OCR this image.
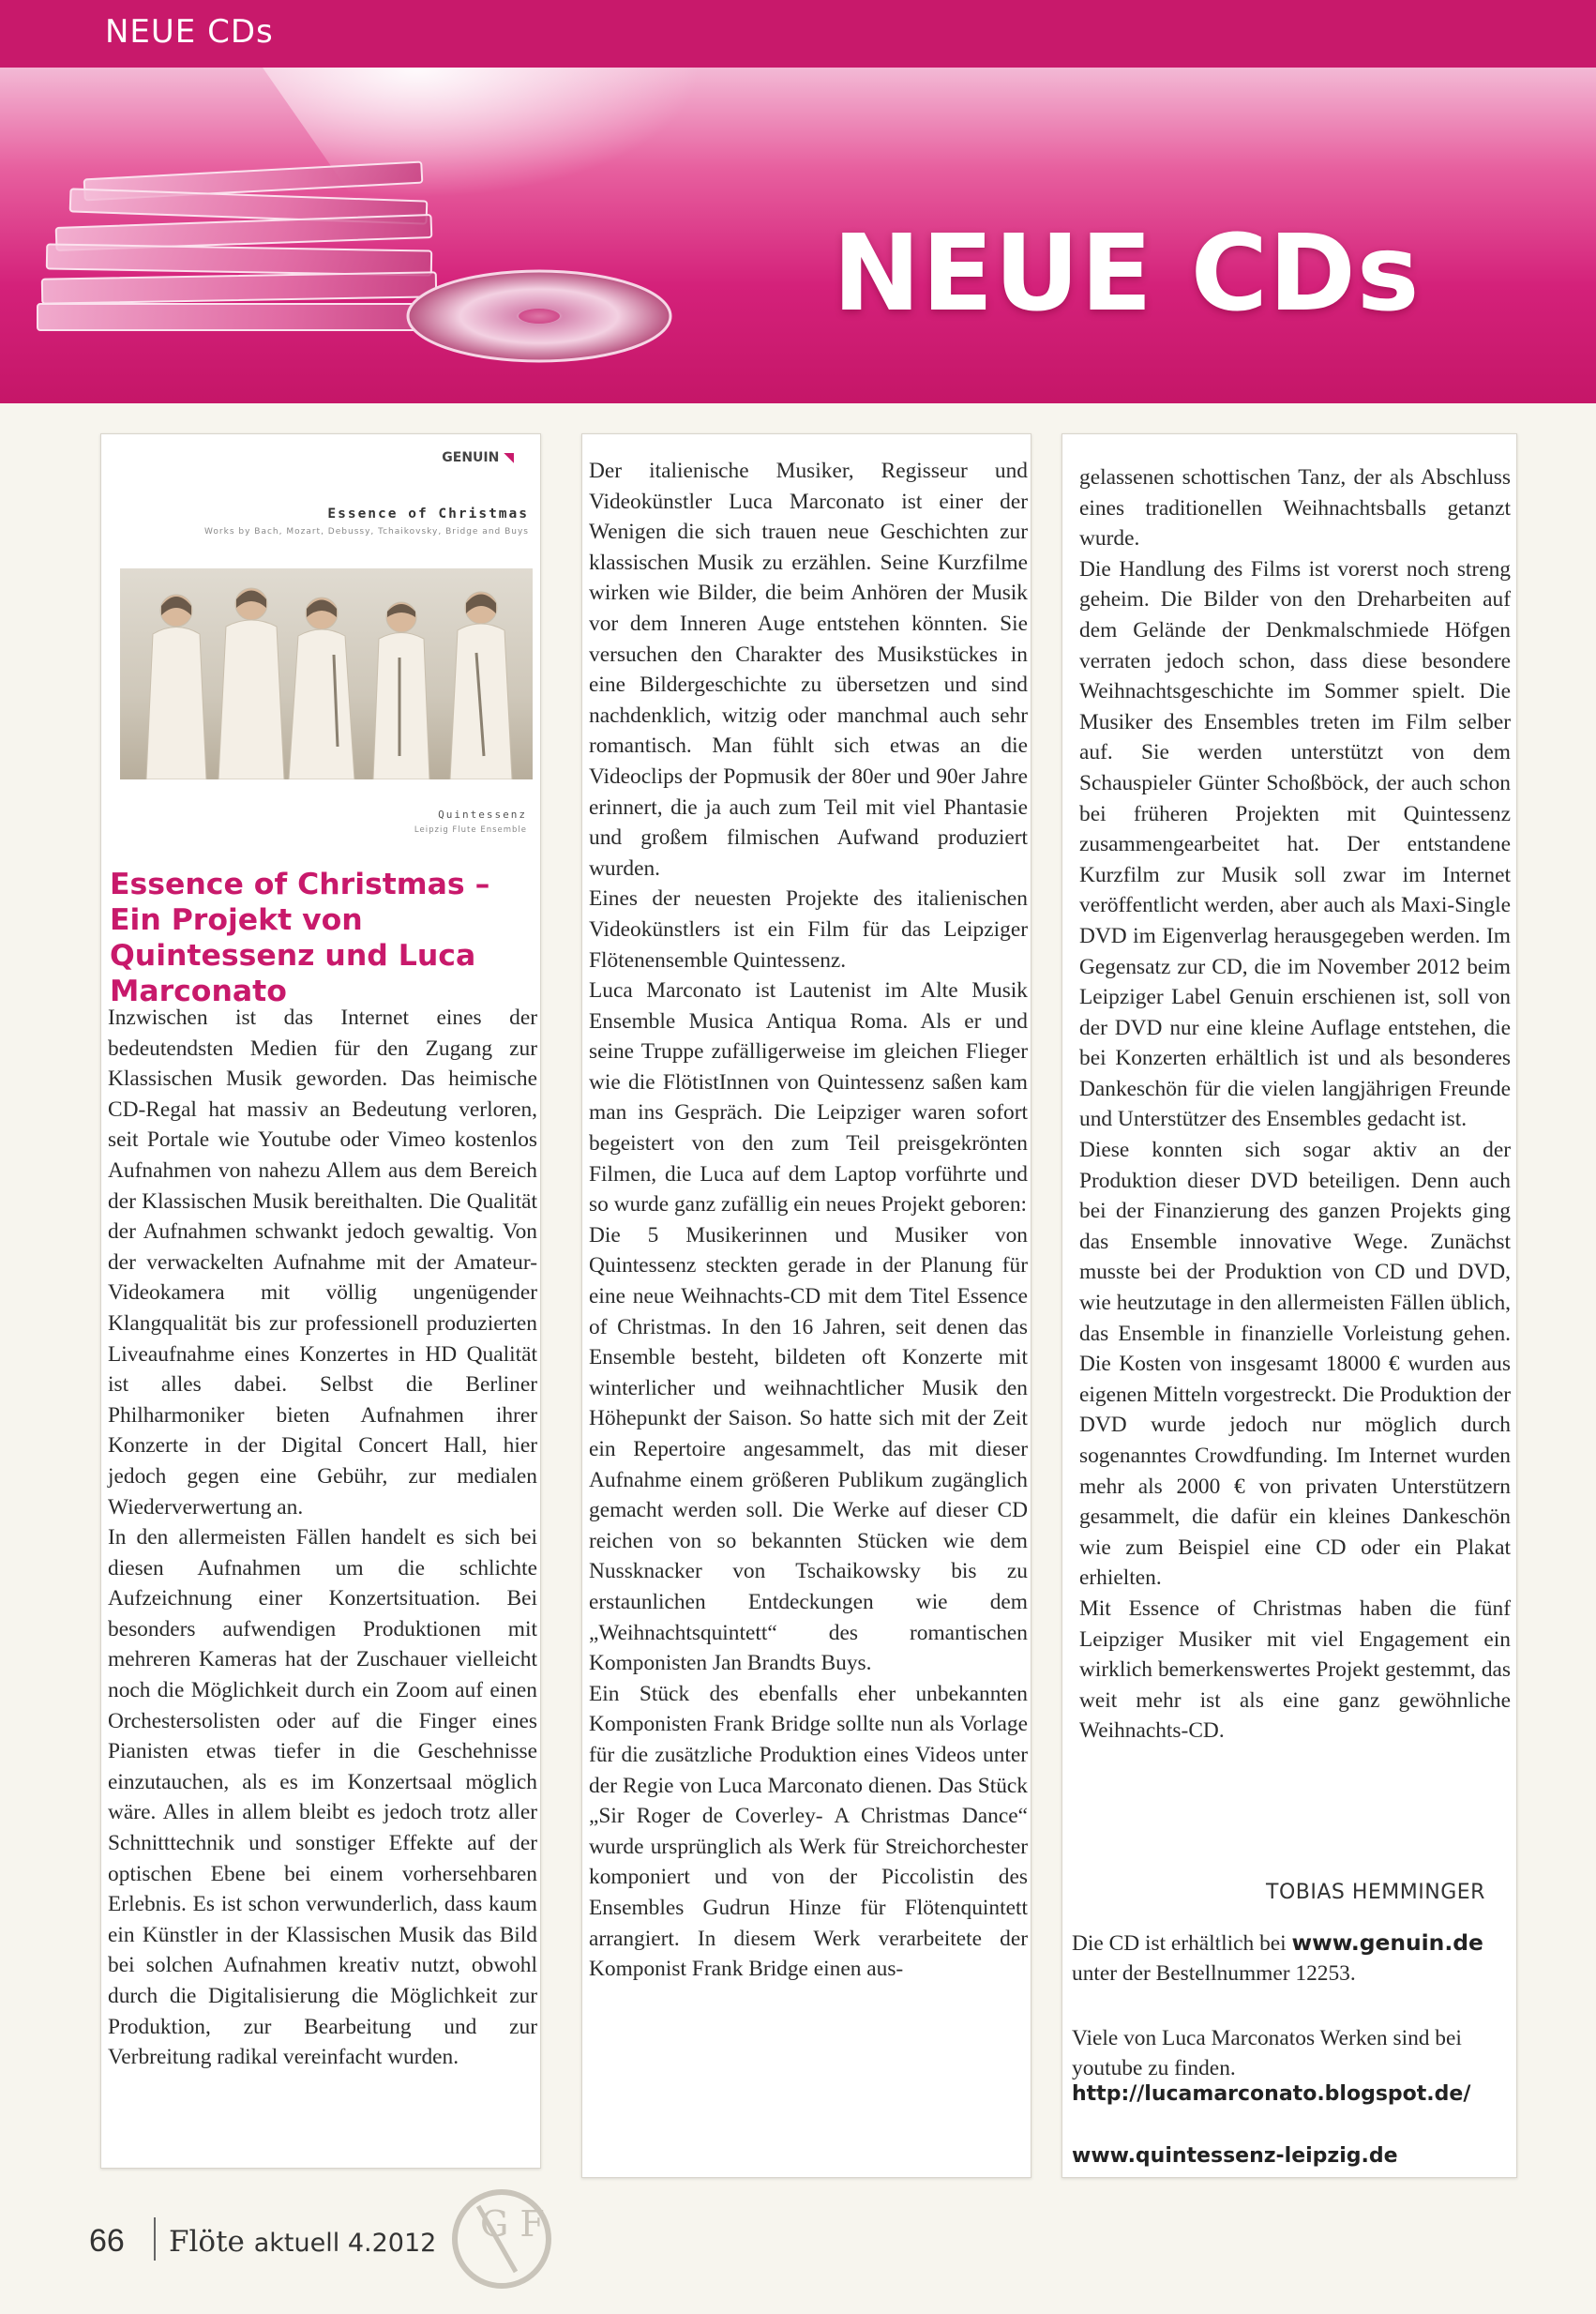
NEUE CDs
NEUE CDs
GENUIN ◥
Essence of Christmas
Works by Bach, Mozart, Debussy, Tchaikovsky, Bridge and Buys
Quintessenz
Leipzig Flute Ensemble
Essence of Christmas – Ein Projekt von Quintessenz und Luca Marconato

Inzwischen ist das Internet eines der bedeutendsten Medien für den Zugang zur Klassischen Musik geworden. Das heimische CD-Regal hat massiv an Bedeutung verloren, seit Portale wie Youtube oder Vimeo kostenlos Aufnahmen von nahezu Allem aus dem Bereich der Klassischen Musik bereithalten. Die Qualität der Aufnahmen schwankt jedoch gewaltig. Von der verwackelten Aufnahme mit der Amateur-Videokamera mit völlig ungenügender Klangqualität bis zur professionell produzierten Liveaufnahme eines Konzertes in HD Qualität ist alles dabei. Selbst die Berliner Philharmoniker bieten Aufnahmen ihrer Konzerte in der Digital Concert Hall, hier jedoch gegen eine Gebühr, zur medialen Wiederverwertung an.

In den allermeisten Fällen handelt es sich bei diesen Aufnahmen um die schlichte Aufzeichnung einer Konzertsituation. Bei besonders aufwendigen Produktionen mit mehreren Kameras hat der Zuschauer vielleicht noch die Möglichkeit durch ein Zoom auf einen Orchestersolisten oder auf die Finger eines Pianisten etwas tiefer in die Geschehnisse einzutauchen, als es im Konzertsaal möglich wäre. Alles in allem bleibt es jedoch trotz aller Schnitttechnik und sonstiger Effekte auf der optischen Ebene bei einem vorhersehbaren Erlebnis. Es ist schon verwunderlich, dass kaum ein Künstler in der Klassischen Musik das Bild bei solchen Aufnahmen kreativ nutzt, obwohl durch die Digitalisierung die Möglichkeit zur Produktion, zur Bearbeitung und zur Verbreitung radikal vereinfacht wurden.

Der italienische Musiker, Regisseur und Videokünstler Luca Marconato ist einer der Wenigen die sich trauen neue Geschichten zur klassischen Musik zu erzählen. Seine Kurzfilme wirken wie Bilder, die beim Anhören der Musik vor dem Inneren Auge entstehen könnten. Sie versuchen den Charakter des Musikstückes in eine Bildergeschichte zu übersetzen und sind nachdenklich, witzig oder manchmal auch sehr romantisch. Man fühlt sich etwas an die Videoclips der Popmusik der 80er und 90er Jahre erinnert, die ja auch zum Teil mit viel Phantasie und großem filmischen Aufwand produziert wurden.

Eines der neuesten Projekte des italienischen Videokünstlers ist ein Film für das Leipziger Flötenensemble Quintessenz.

Luca Marconato ist Lautenist im Alte Musik Ensemble Musica Antiqua Roma. Als er und seine Truppe zufälligerweise im gleichen Flieger wie die FlötistInnen von Quintessenz saßen kam man ins Gespräch. Die Leipziger waren sofort begeistert von den zum Teil preisgekrönten Filmen, die Luca auf dem Laptop vorführte und so wurde ganz zufällig ein neues Projekt geboren:

Die 5 Musikerinnen und Musiker von Quintessenz steckten gerade in der Planung für eine neue Weihnachts-CD mit dem Titel Essence of Christmas. In den 16 Jahren, seit denen das Ensemble besteht, bildeten oft Konzerte mit winterlicher und weihnachtlicher Musik den Höhepunkt der Saison. So hatte sich mit der Zeit ein Repertoire angesammelt, das mit dieser Aufnahme einem größeren Publikum zugänglich gemacht werden soll. Die Werke auf dieser CD reichen von so bekannten Stücken wie dem Nussknacker von Tschaikowsky bis zu erstaunlichen Entdeckungen wie dem „Weihnachtsquintett“ des romantischen Komponisten Jan Brandts Buys.

Ein Stück des ebenfalls eher unbekannten Komponisten Frank Bridge sollte nun als Vorlage für die zusätzliche Produktion eines Videos unter der Regie von Luca Marconato dienen. Das Stück „Sir Roger de Coverley- A Christmas Dance“ wurde ursprünglich als Werk für Streichorchester komponiert und von der Piccolistin des Ensembles Gudrun Hinze für Flötenquintett arrangiert. In diesem Werk verarbeitete der Komponist Frank Bridge einen aus-

gelassenen schottischen Tanz, der als Abschluss eines traditionellen Weihnachtsballs getanzt wurde.

Die Handlung des Films ist vorerst noch streng geheim. Die Bilder von den Dreharbeiten auf dem Gelände der Denkmalschmiede Höfgen verraten jedoch schon, dass diese besondere Weihnachtsgeschichte im Sommer spielt. Die Musiker des Ensembles treten im Film selber auf. Sie werden unterstützt von dem Schauspieler Günter Schoßböck, der auch schon bei früheren Projekten mit Quintessenz zusammengearbeitet hat. Der entstandene Kurzfilm zur Musik soll zwar im Internet veröffentlicht werden, aber auch als Maxi-Single DVD im Eigenverlag herausgegeben werden. Im Gegensatz zur CD, die im November 2012 beim Leipziger Label Genuin erschienen ist, soll von der DVD nur eine kleine Auflage entstehen, die bei Konzerten erhältlich ist und als besonderes Dankeschön für die vielen langjährigen Freunde und Unterstützer des Ensembles gedacht ist.

Diese konnten sich sogar aktiv an der Produktion dieser DVD beteiligen. Denn auch bei der Finanzierung des ganzen Projekts ging das Ensemble innovative Wege. Zunächst musste bei der Produktion von CD und DVD, wie heutzutage in den allermeisten Fällen üblich, das Ensemble in finanzielle Vorleistung gehen. Die Kosten von insgesamt 18000 € wurden aus eigenen Mitteln vorgestreckt. Die Produktion der DVD wurde jedoch nur möglich durch sogenanntes Crowdfunding. Im Internet wurden mehr als 2000 € von privaten Unterstützern gesammelt, die dafür ein kleines Dankeschön wie zum Beispiel eine CD oder ein Plakat erhielten.

Mit Essence of Christmas haben die fünf Leipziger Musiker mit viel Engagement ein wirklich bemerkenswertes Projekt gestemmt, das weit mehr ist als eine ganz gewöhnliche Weihnachts-CD.

TOBIAS HEMMINGER
Die CD ist erhältlich bei www.genuin.de
unter der Bestellnummer 12253.
Viele von Luca Marconatos Werken sind bei youtube zu finden.
http://lucamarconato.blogspot.de/
www.quintessenz-leipzig.de
66 Flöte aktuell 4.2012 G F
